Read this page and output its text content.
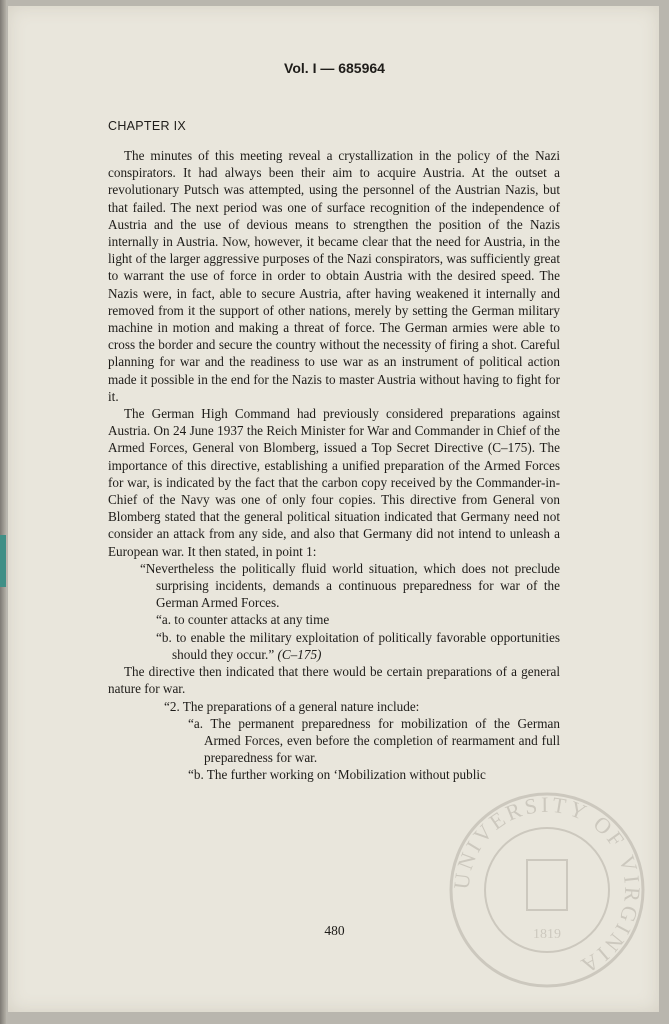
Vol. I — 685964
CHAPTER IX

The minutes of this meeting reveal a crystallization in the policy of the Nazi conspirators. It had always been their aim to acquire Austria. At the outset a revolutionary Putsch was attempted, using the personnel of the Austrian Nazis, but that failed. The next period was one of surface recognition of the independence of Austria and the use of devious means to strengthen the position of the Nazis internally in Austria. Now, however, it became clear that the need for Austria, in the light of the larger aggressive purposes of the Nazi conspirators, was sufficiently great to warrant the use of force in order to obtain Austria with the desired speed. The Nazis were, in fact, able to secure Austria, after having weakened it internally and removed from it the support of other nations, merely by setting the German military machine in motion and making a threat of force. The German armies were able to cross the border and secure the country without the necessity of firing a shot. Careful planning for war and the readiness to use war as an instrument of political action made it possible in the end for the Nazis to master Austria without having to fight for it.

The German High Command had previously considered preparations against Austria. On 24 June 1937 the Reich Minister for War and Commander in Chief of the Armed Forces, General von Blomberg, issued a Top Secret Directive (C–175). The importance of this directive, establishing a unified preparation of the Armed Forces for war, is indicated by the fact that the carbon copy received by the Commander-in-Chief of the Navy was one of only four copies. This directive from General von Blomberg stated that the general political situation indicated that Germany need not consider an attack from any side, and also that Germany did not intend to unleash a European war. It then stated, in point 1:

“Nevertheless the politically fluid world situation, which does not preclude surprising incidents, demands a continuous preparedness for war of the German Armed Forces.

“a. to counter attacks at any time

“b. to enable the military exploitation of politically favorable opportunities should they occur.” (C–175)

The directive then indicated that there would be certain preparations of a general nature for war.

“2. The preparations of a general nature include:

“a. The permanent preparedness for mobilization of the German Armed Forces, even before the completion of rearmament and full preparedness for war.

“b. The further working on ‘Mobilization without public

480
UNIVERSITY OF VIRGINIA
1819
